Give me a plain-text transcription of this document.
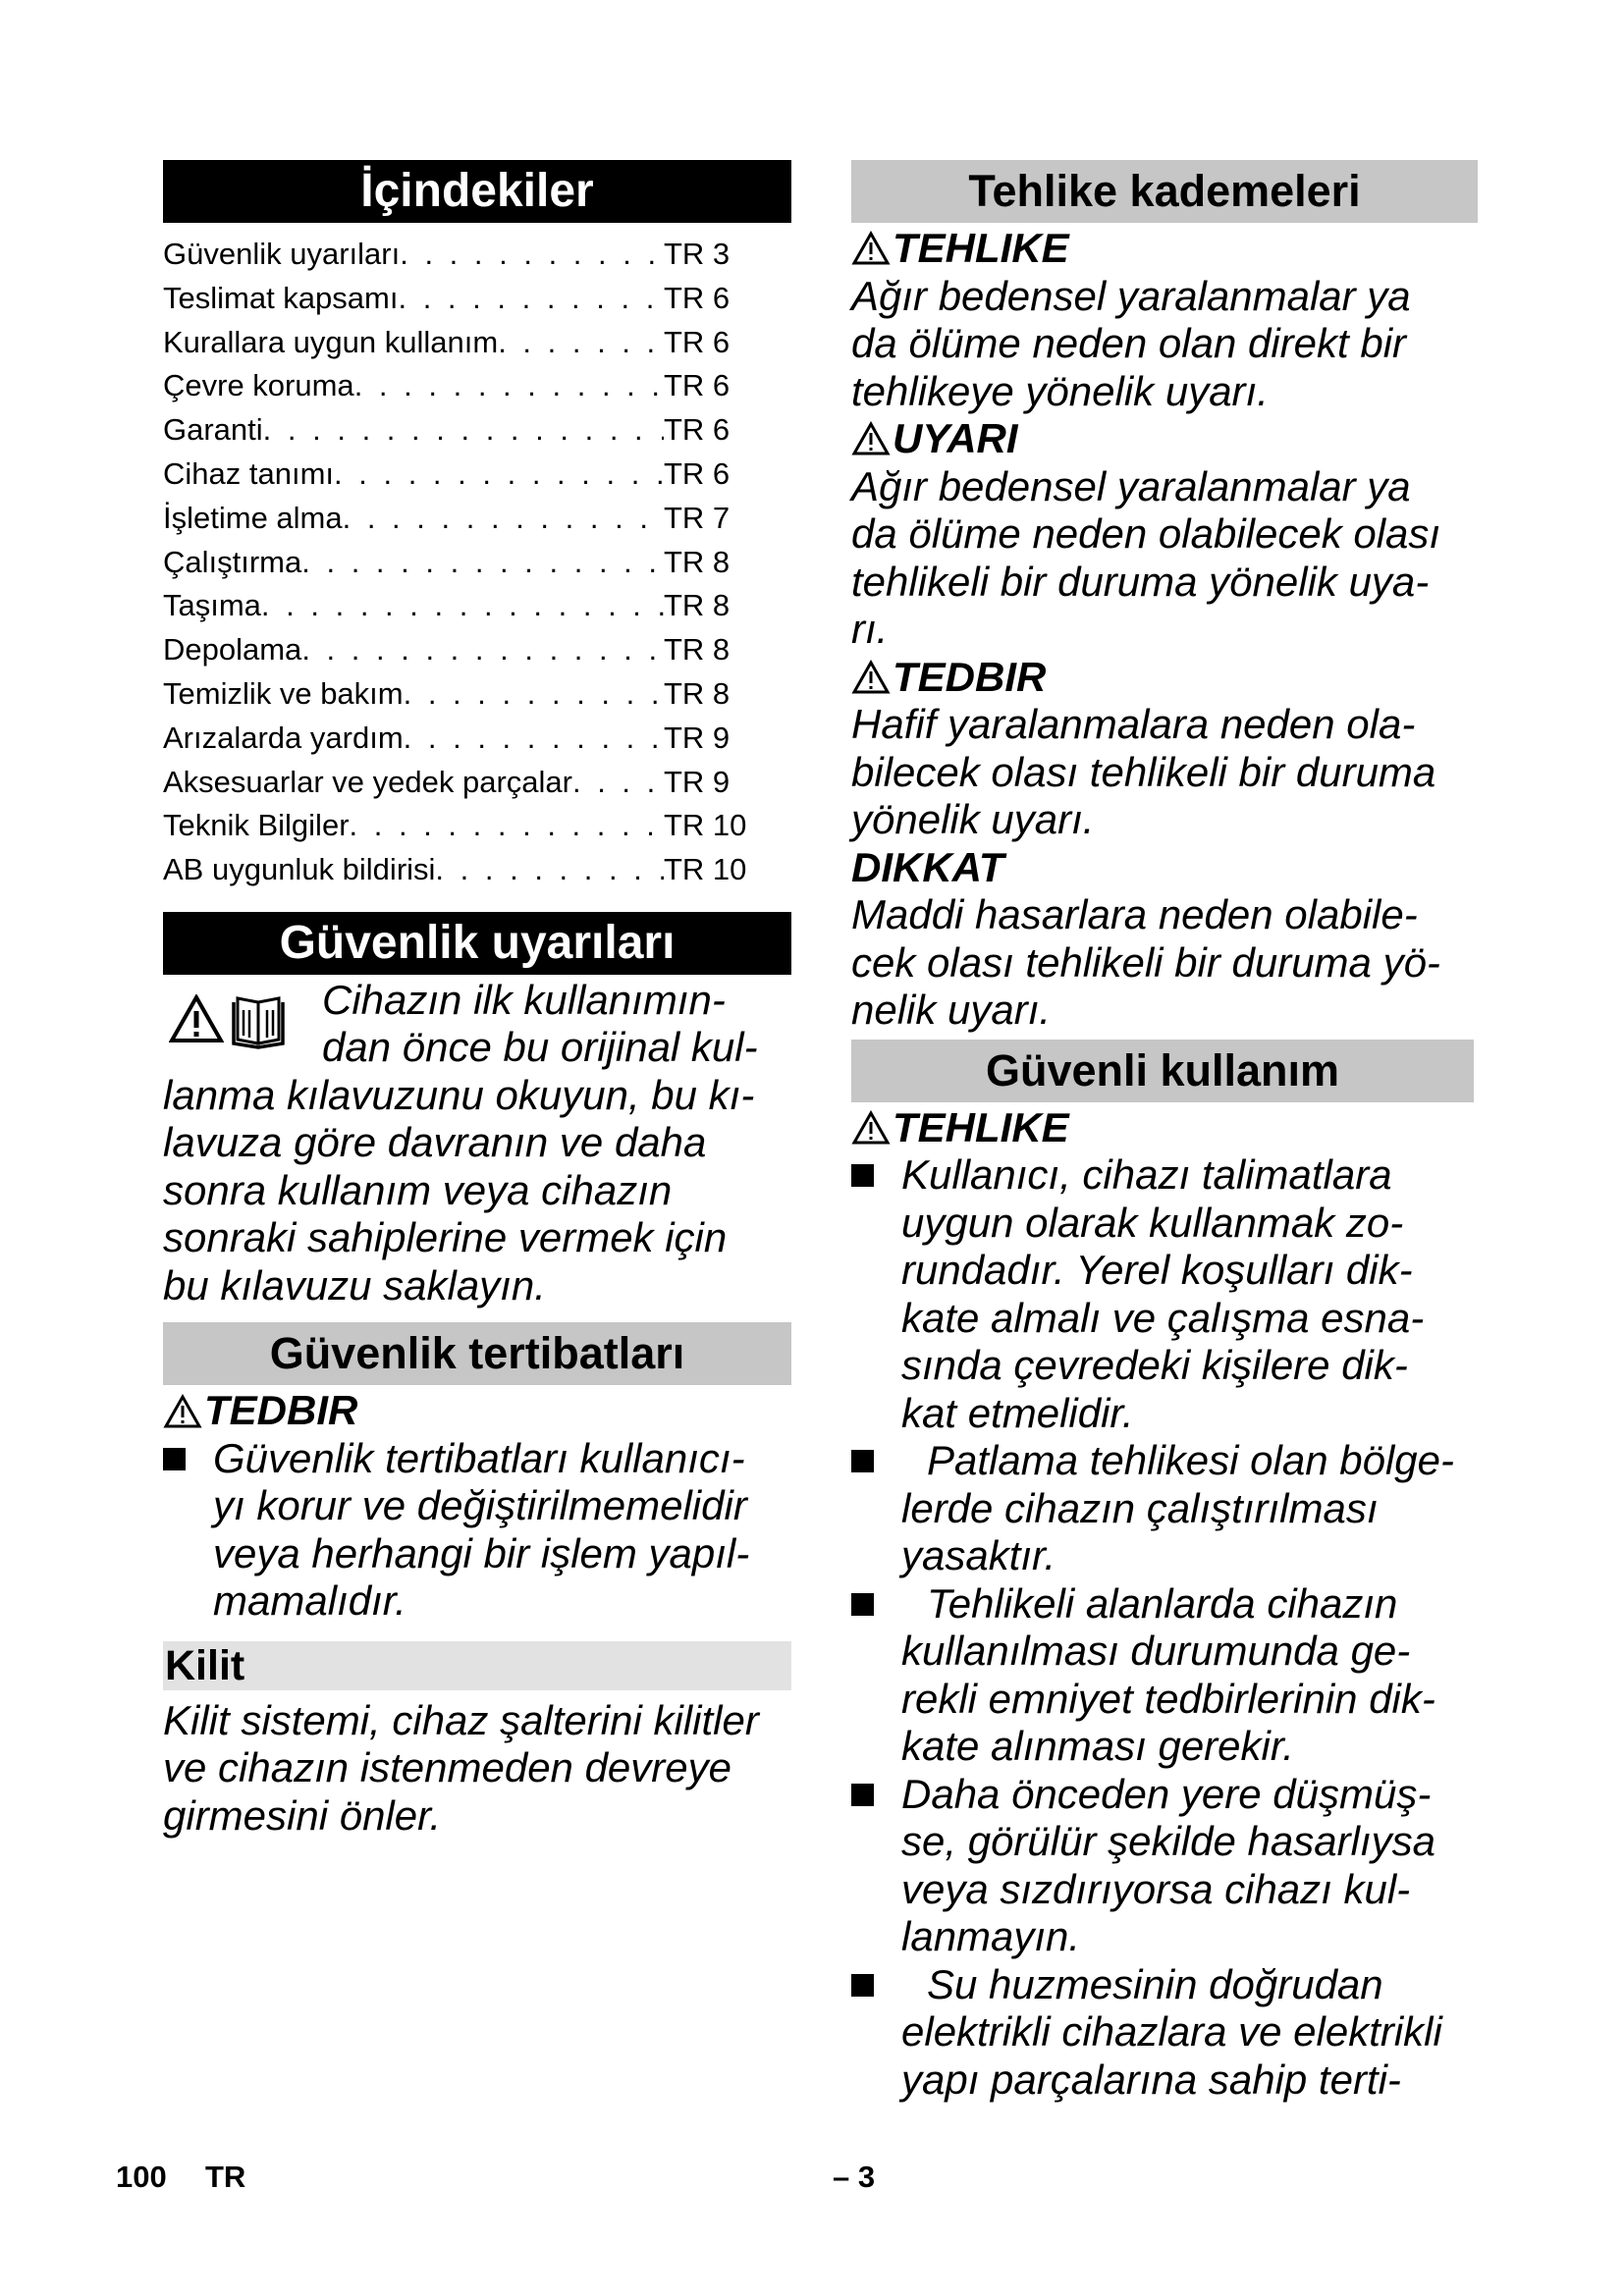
İçindekiler
Güvenlik uyarıları . . .	TR 3
Teslimat kapsamı . . .	TR 6
Kurallara uygun kullanım . . .	TR 6
Çevre koruma . . .	TR 6
Garanti . . .	TR 6
Cihaz tanımı . . .	TR 6
İşletime alma . . .	TR 7
Çalıştırma . . .	TR 8
Taşıma . . .	TR 8
Depolama . . .	TR 8
Temizlik ve bakım . . .	TR 8
Arızalarda yardım . . .	TR 9
Aksesuarlar ve yedek parçalar . . .	TR 9
Teknik Bilgiler . . .	TR 10
AB uygunluk bildirisi . . .	TR 10
Güvenlik uyarıları
Cihazın ilk kullanımın-
dan önce bu orijinal kul-
lanma kılavuzunu okuyun, bu kı-
lavuza göre davranın ve daha
sonra kullanım veya cihazın
sonraki sahiplerine vermek için
bu kılavuzu saklayın.
Güvenlik tertibatları
TEDBIR
Güvenlik tertibatları kullanıcı-
yı korur ve değiştirilmemelidir
veya herhangi bir işlem yapıl-
mamalıdır.
Kilit
Kilit sistemi, cihaz şalterini kilitler
ve cihazın istenmeden devreye
girmesini önler.
Tehlike kademeleri
TEHLIKE
Ağır bedensel yaralanmalar ya
da ölüme neden olan direkt bir
tehlikeye yönelik uyarı.
UYARI
Ağır bedensel yaralanmalar ya
da ölüme neden olabilecek olası
tehlikeli bir duruma yönelik uya-
rı.
TEDBIR
Hafif yaralanmalara neden ola-
bilecek olası tehlikeli bir duruma
yönelik uyarı.
DIKKAT
Maddi hasarlara neden olabile-
cek olası tehlikeli bir duruma yö-
nelik uyarı.
Güvenli kullanım
TEHLIKE
Kullanıcı, cihazı talimatlara
uygun olarak kullanmak zo-
rundadır. Yerel koşulları dik-
kate almalı ve çalışma esna-
sında çevredeki kişilere dik-
kat etmelidir.
Patlama tehlikesi olan bölge-
lerde cihazın çalıştırılması
yasaktır.
Tehlikeli alanlarda cihazın
kullanılması durumunda ge-
rekli emniyet tedbirlerinin dik-
kate alınması gerekir.
Daha önceden yere düşmüş-
se, görülür şekilde hasarlıysa
veya sızdırıyorsa cihazı kul-
lanmayın.
Su huzmesinin doğrudan
elektrikli cihazlara ve elektrikli
yapı parçalarına sahip terti-
100 TR	– 3
